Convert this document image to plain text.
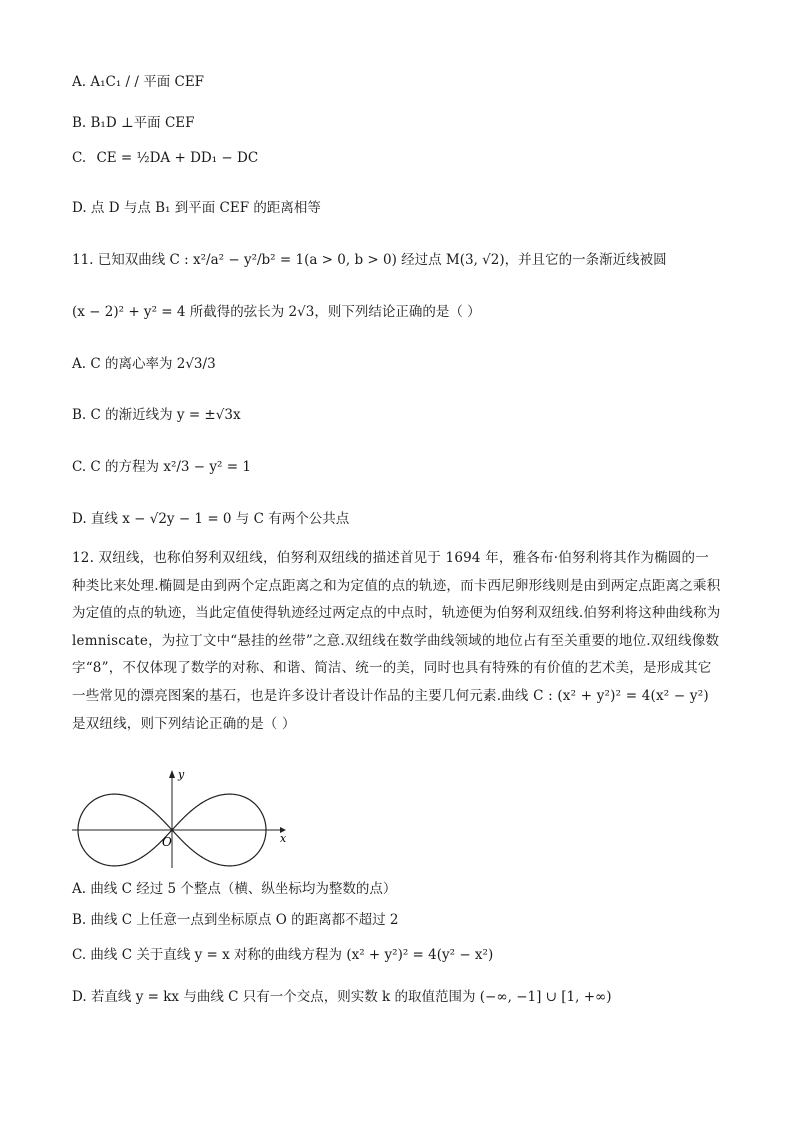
A. A₁C₁ / / 平面 CEF
B. B₁D ⊥平面 CEF
C. CE = ½DA + DD₁ − DC
D. 点 D 与点 B₁ 到平面 CEF 的距离相等
11. 已知双曲线 C : x²/a² − y²/b² = 1(a > 0, b > 0) 经过点 M(3, √2)，并且它的一条渐近线被圆
(x − 2)² + y² = 4 所截得的弦长为 2√3，则下列结论正确的是（ ）
A. C 的离心率为 2√3/3
B. C 的渐近线为 y = ±√3x
C. C 的方程为 x²/3 − y² = 1
D. 直线 x − √2y − 1 = 0 与 C 有两个公共点
12. 双纽线，也称伯努利双纽线，伯努利双纽线的描述首见于 1694 年，雅各布·伯努利将其作为椭圆的一种类比来处理.椭圆是由到两个定点距离之和为定值的点的轨迹，而卡西尼卵形线则是由到两定点距离之乘积为定值的点的轨迹，当此定值使得轨迹经过两定点的中点时，轨迹便为伯努利双纽线.伯努利将这种曲线称为 lemniscate，为拉丁文中“悬挂的丝带”之意.双纽线在数学曲线领域的地位占有至关重要的地位.双纽线像数字“8”，不仅体现了数学的对称、和谐、简洁、统一的美，同时也具有特殊的有价值的艺术美，是形成其它一些常见的漂亮图案的基石，也是许多设计者设计作品的主要几何元素.曲线 C : (x² + y²)² = 4(x² − y²) 是双纽线，则下列结论正确的是（ ）
y
x
O
A. 曲线 C 经过 5 个整点（横、纵坐标均为整数的点）
B. 曲线 C 上任意一点到坐标原点 O 的距离都不超过 2
C. 曲线 C 关于直线 y = x 对称的曲线方程为 (x² + y²)² = 4(y² − x²)
D. 若直线 y = kx 与曲线 C 只有一个交点，则实数 k 的取值范围为 (−∞, −1] ∪ [1, +∞)
